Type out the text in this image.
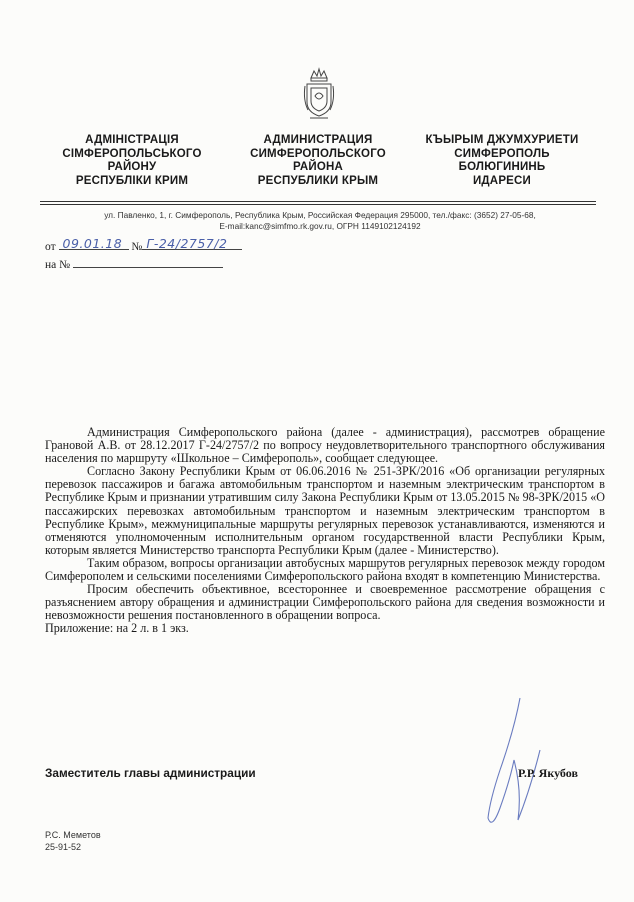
АДМІНІСТРАЦІЯ
СІМФЕРОПОЛЬСЬКОГО
РАЙОНУ
РЕСПУБЛІКИ КРИМ
АДМИНИСТРАЦИЯ
СИМФЕРОПОЛЬСКОГО
РАЙОНА
РЕСПУБЛИКИ КРЫМ
КЪЫРЫМ ДЖУМХУРИЕТИ
СИМФЕРОПОЛЬ
БОЛЮГИНИНЬ
ИДАРЕСИ
ул. Павленко, 1, г. Симферополь, Республика Крым, Российская Федерация 295000, тел./факс: (3652) 27-05-68,
E-mail:kanc@simfmo.rk.gov.ru, ОГРН 1149102124192
от 09.01.18 № Г-24/2757/2
на №

Администрация Симферопольского района (далее - администрация), рассмотрев обращение Грановой А.В. от 28.12.2017 Г-24/2757/2 по вопросу неудовлетворительного транспортного обслуживания населения по маршруту «Школьное – Симферополь», сообщает следующее.

Согласно Закону Республики Крым от 06.06.2016 № 251-ЗРК/2016 «Об организации регулярных перевозок пассажиров и багажа автомобильным транспортом и наземным электрическим транспортом в Республике Крым и признании утратившим силу Закона Республики Крым от 13.05.2015 № 98-ЗРК/2015 «О пассажирских перевозках автомобильным транспортом и наземным электрическим транспортом в Республике Крым», межмуниципальные маршруты регулярных перевозок устанавливаются, изменяются и отменяются уполномоченным исполнительным органом государственной власти Республики Крым, которым является Министерство транспорта Республики Крым (далее - Министерство).

Таким образом, вопросы организации автобусных маршрутов регулярных перевозок между городом Симферополем и сельскими поселениями Симферопольского района входят в компетенцию Министерства.

Просим обеспечить объективное, всестороннее и своевременное рассмотрение обращения с разъяснением автору обращения и администрации Симферопольского района для сведения возможности и невозможности решения постановленного в обращении вопроса.

Приложение: на 2 л. в 1 экз.

Заместитель главы администрации	Р.Р. Якубов
Р.С. Меметов
25-91-52
